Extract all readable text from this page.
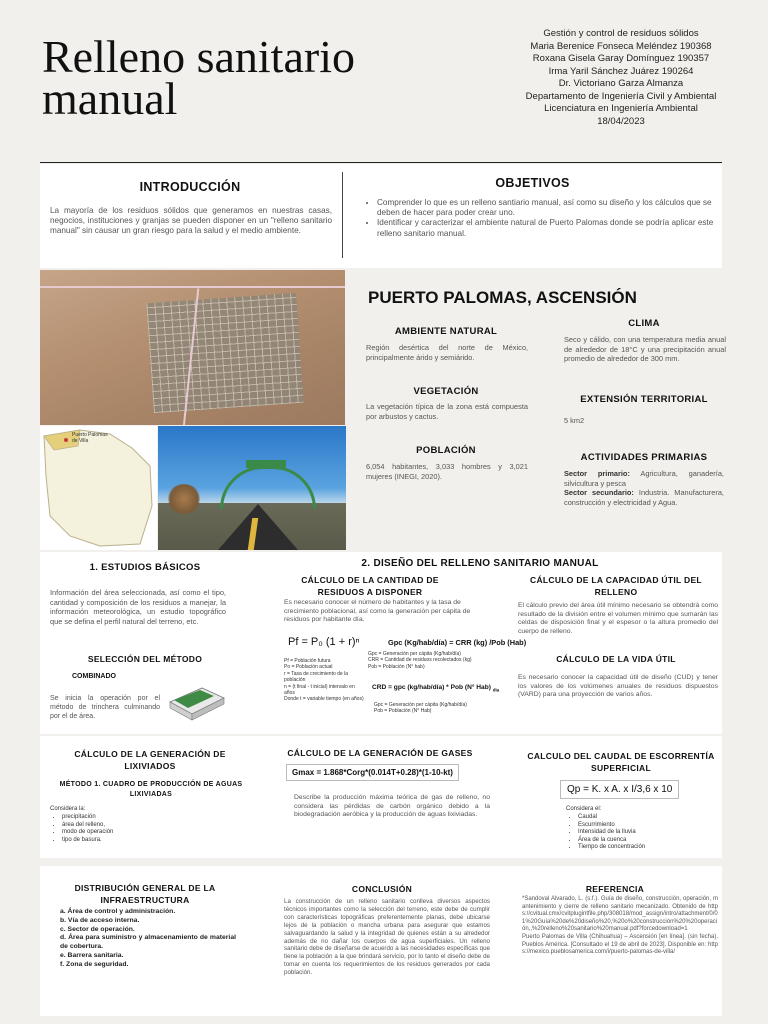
Relleno sanitario manual
Gestión y control de residuos sólidos
Maria Berenice Fonseca Meléndez 190368
Roxana Gisela Garay Domínguez 190357
Irma Yaril Sánchez Juárez 190264
Dr. Victoriano Garza Almanza
Departamento de Ingeniería Civil y Ambiental
Licenciatura en Ingeniería Ambiental
18/04/2023
INTRODUCCIÓN
La mayoría de los residuos sólidos que generamos en nuestras casas, negocios, instituciones y granjas se pueden disponer en un "relleno sanitario manual" sin causar un gran riesgo para la salud y el medio ambiente.
OBJETIVOS
• Comprender lo que es un relleno santiario manual, así como su diseño y los cálculos que se deben de hacer para poder crear uno.
• Identificar y caracterizar el ambiente natural de Puerto Palomas donde se podría aplicar este relleno sanitario manual.
Puerto Palomas de Villa
PUERTO PALOMAS, ASCENSIÓN
AMBIENTE NATURAL
Región desértica del norte de México, principalmente árido y semiárido.
CLIMA
Seco y cálido, con una temperatura media anual de alrededor de 18°C y una precipitación anual promedio de alrededor de 300 mm.
VEGETACIÓN
La vegetación típica de la zona está compuesta por arbustos y cactus.
EXTENSIÓN TERRITORIAL
5 km2
POBLACIÓN
6,054 habitantes, 3,033 hombres y 3,021 mujeres (INEGI, 2020).
ACTIVIDADES PRIMARIAS
Sector primario: Agricultura, ganadería, silvicultura y pesca
Sector secundario: Industria. Manufacturera, construcción y electricidad y Agua.
1. ESTUDIOS BÁSICOS
Información del área seleccionada, así como el tipo, cantidad y composición de los residuos a manejar, la información meteorológica, un estudio topográfico que se defina el perfil natural del terreno, etc.
SELECCIÓN DEL MÉTODO
COMBINADO
Se inicia la operación por el método de trinchera culminando por el de área.
2. DISEÑO DEL RELLENO SANITARIO MANUAL
CÁLCULO DE LA CANTIDAD DE RESIDUOS A DISPONER
Es necesario conocer el número de habitantes y la tasa de crecimiento poblacional, así como la generación per cápita de residuos por habitante día.
Pf = P₀ (1 + r)ⁿ
Pf = Población futura
Po = Población actual
r = Tasa de crecimiento de la población
n = (t final - t inicial) intervalo en años
Donde t = variable tiempo (en años)
Gpc (Kg/hab/día) = CRR (kg) /Pob (Hab)
Gpc = Generación per cápita (Kg/hab/día)
CRR = Cantidad de residuos recolectados (kg)
Pob = Población (N° hab)
CRD = gpc (kg/hab/día) * Pob (N° Hab) $_{dia}$
Gpc = Generación per cápita (Kg/hab/día)
Pob = Población (N° Hab)
CÁLCULO DE LA CAPACIDAD ÚTIL DEL RELLENO
El cálculo previo del área útil mínimo necesario se obtendrá como resultado de la división entre el volumen mínimo que sumarán las celdas de disposición final y el espesor o la altura promedio del cuerpo de relleno.
CÁLCULO DE LA VIDA ÚTIL
Es necesario conocer la capacidad útil de diseño (CUD) y tener los valores de los volúmenes anuales de residuos dispuestos (VARD) para una proyección de varios años.
CÁLCULO DE LA GENERACIÓN DE LIXIVIADOS
MÉTODO 1. CUADRO DE PRODUCCIÓN DE AGUAS LIXIVIADAS
Considera la:
• precipitación
• área del relleno,
• modo de operación
• tipo de basura.
CÁLCULO DE LA GENERACIÓN DE GASES
Gmax = 1.868*Corg*(0.014T+0.28)*(1-10-kt)
Describe la producción máxima teórica de gas de relleno, no considera las pérdidas de carbón orgánico debido a la biodegradación aeróbica y la producción de aguas lixiviadas.
CALCULO DEL CAUDAL DE ESCORRENTÍA SUPERFICIAL
Qp = K. x A. x I/3,6 x 10
Considera el:
• Caudal
• Escurrimiento
• Intensidad de la lluvia
• Área de la cuenca
• Tiempo de concentración
DISTRIBUCIÓN GENERAL DE LA INFRAESTRUCTURA
a. Área de control y administración.
b. Vía de acceso interna.
c. Sector de operación.
d. Área para suministro y almacenamiento de material de cobertura.
e. Barrera sanitaria.
f. Zona de seguridad.
CONCLUSIÓN
La construcción de un relleno sanitario conlleva diversos aspectos técnicos importantes como la selección del terreno, este debe de cumplir con características topográficas preferentemente planas, debe ubicarse lejos de la población o mancha urbana para asegurar que estamos salvaguardando la salud y la integridad de quienes están a su alrededor además de no dañar los cuerpos de agua superficiales. Un relleno sanitario debe de diseñarse de acuerdo a las necesidades específicas que tiene la población a la que brindará servicio, por lo tanto el diseño debe de tomar en cuenta los requerimientos de los residuos generados por cada población.
REFERENCIA
*Sandoval Alvarado, L. (s.f.). Guía de diseño, construcción, operación, mantenimiento y cierre de relleno sanitario mecanizado. Obtenido de https://cvitual.cmx/cvitplugintfile.php/308018/mod_assign/intro/attachment/0/01%20Guía%20de%20diseño%20,%20o%20construcción%20%20operación,,%20relleno%20sanitario%20manual.pdf?forcedownload=1
Puerto Palomas de Villa (Chihuahua) – Ascensión [en línea]. (sin fecha). Pueblos América. [Consultado el 19 de abril de 2023]. Disponible en: https://mexico.pueblosamerica.com/i/puerto-palomas-de-villa/
